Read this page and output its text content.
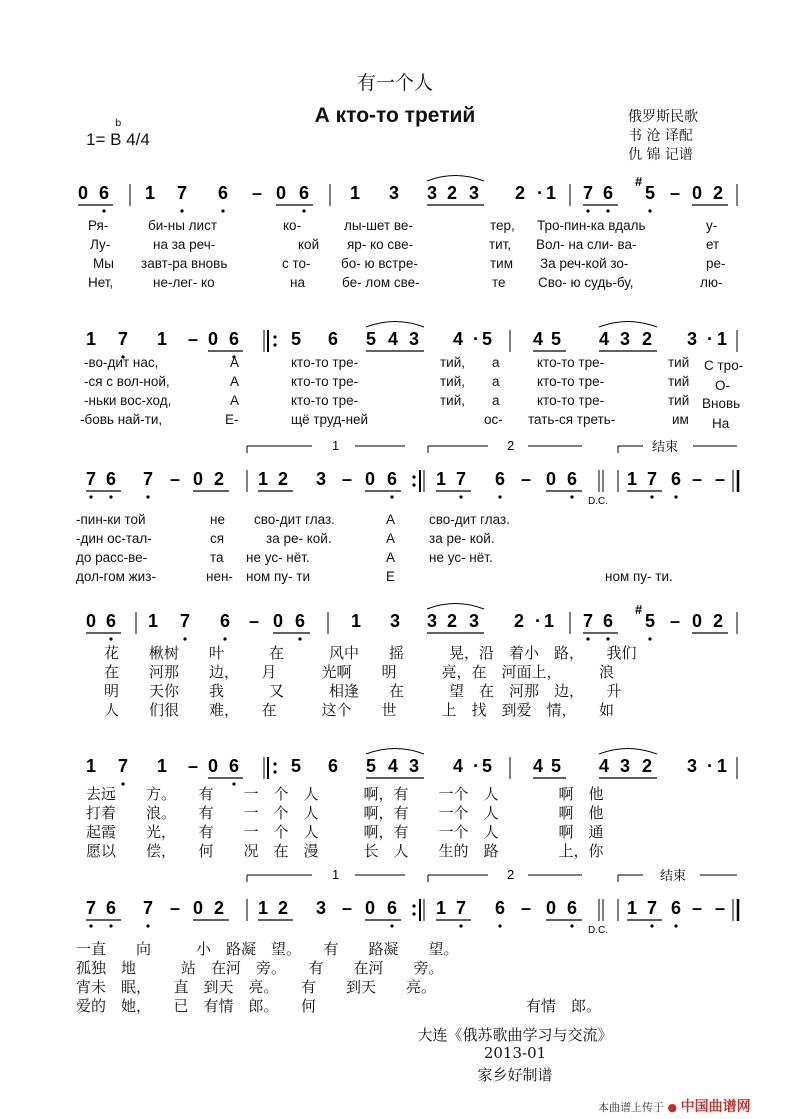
有一个人
А кто-то третий
b
1= B 4/4
俄罗斯民歌
书 沧 译配
仇 锦 记谱
0 6 1 7 6 – 0 6 1 3 3 2 3 2 · 1 7 6
#
5 – 0 2
Ря-	би-ны лист	ко-	лы-шет ве-	тер, Тро-пин-ка вдаль	у-
Лу-	на за реч-	кой яр- ко све-	тит, Вол- на сли- ва-	ет
Мы завт-ра вновь	с то- бо- ю встре-	тим За реч-кой зо-	ре-
Нет,	не-лег- ко	на	бе- лом све-	те Сво- ю судь-бу,	лю-
1 7 1 – 0 6	5 6 5 4 3 4 · 5 4 5 4 3 2 3 · 1
-во-дит нас,	А	кто-то тре-	тий, а	кто-то тре-	тий С тро-
-ся с вол-ной,	А	кто-то тре-	тий, а	кто-то тре-	тий О-
-ньки вос-ход,	А	кто-то тре-	тий, а	кто-то тре-	тий Вновь
-бовь най-ти,	Е-	щё труд-ней	ос- тать-ся треть-	им На
1	2	结束
D.C.
7 6 7 – 0 2 1 2 3 – 0 6 1 7 6 – 0 6	1 7 6 – –
-пин-ки той	не сво-дит глаз.	А	сво-дит глаз.
-дин ос-тал-	ся	за ре- кой.	А	за ре- кой.
до расс-ве-	та не ус- нёт.	А	не ус- нёт.
дол-гом жиз-	нен- ном пу- ти	Е	ном пу- ти.
0 6 1 7 6 – 0 6	1 3 3 2 3 2 · 1 7 6
#
5 – 0 2
花　　楸树　　叶　　　在　　　风中　　摇　　　晃，沿　着小　路，　　我们
在　　河那　　边，　　月　　　光啊　　明　　　亮，在　河面上，　　　浪
明　　天你　　我　　　又　　　相逢　　在　　　望　在　河那　边，　　升
人　　们很　　难，　　在　　　这个　　世　　　上　找　到爱　情，　　如
1 7 1 – 0 6	5 6 5 4 3 4 · 5 4 5 4 3 2 3 · 1
去远　　方。　　有　　一　个　人　　　啊，有　　一个　人　　　　啊　他
打着　　浪。　　有　　一　个　人　　　啊，有　　一个　人　　　　啊　他
起霞　　光，　　有　　一　个　人　　　啊，有　　一个　人　　　　啊　通
愿以　　偿，　　何　　况　在　漫　　　长　人　　生的　路　　　　上，你
1	2	结束
D.C.
7 6 7 – 0 2 1 2 3 – 0 6 1 7 6 – 0 6	1 7 6 – –
一直　　向　　　小　路凝　望。　　有　　路凝　　望。
孤独　地　　　站　在河　旁。　　有　　在河　　旁。
宵未　眠，　　直　到天　亮。　　有　　到天　　亮。
爱的　她，　　已　有情　郎。　　何　　　　　　　　　　　　　　有情　郎。
大连《俄苏歌曲学习与交流》
2013-01
家乡好制谱
本曲谱上传于 ● 中国曲谱网
